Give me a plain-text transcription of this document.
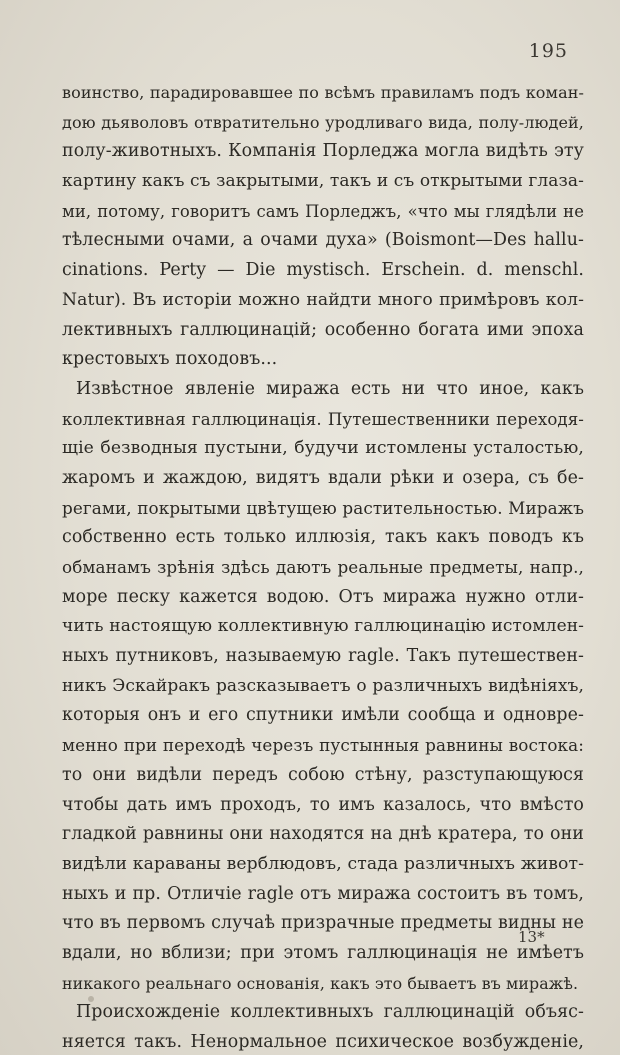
195
воинство, парадировавшее по всѣмъ правиламъ подъ коман-
дою дьяволовъ отвратительно уродливаго вида, полу-людей,
полу-животныхъ. Компанія Порледжа могла видѣть эту
картину какъ съ закрытыми, такъ и съ открытыми глаза-
ми, потому, говоритъ самъ Порледжъ, «что мы глядѣли не
тѣлесными очами, а очами духа» (Boismont—Des hallu-
cinations. Perty — Die mystisch. Erschein. d. menschl.
Natur). Въ исторіи можно найдти много примѣровъ кол-
лективныхъ галлюцинацій; особенно богата ими эпоха
крестовыхъ походовъ...
Извѣстное явленіе миража есть ни что иное, какъ
коллективная галлюцинація. Путешественники переходя-
щіе безводныя пустыни, будучи истомлены усталостью,
жаромъ и жаждою, видятъ вдали рѣки и озера, съ бе-
регами, покрытыми цвѣтущею растительностью. Миражъ
собственно есть только иллюзія, такъ какъ поводъ къ
обманамъ зрѣнія здѣсь даютъ реальные предметы, напр.,
море песку кажется водою. Отъ миража нужно отли-
чить настоящую коллективную галлюцинацію истомлен-
ныхъ путниковъ, называемую ragle. Такъ путешествен-
никъ Эскайракъ разсказываетъ о различныхъ видѣніяхъ,
которыя онъ и его спутники имѣли сообща и одновре-
менно при переходѣ черезъ пустынныя равнины востока:
то они видѣли передъ собою стѣну, разступающуюся
чтобы дать имъ проходъ, то имъ казалось, что вмѣсто
гладкой равнины они находятся на днѣ кратера, то они
видѣли караваны верблюдовъ, стада различныхъ живот-
ныхъ и пр. Отличіе ragle отъ миража состоитъ въ томъ,
что въ первомъ случаѣ призрачные предметы видны не
вдали, но вблизи; при этомъ галлюцинація не имѣетъ
никакого реальнаго основанія, какъ это бываетъ въ миражѣ.
Происхожденіе коллективныхъ галлюцинацій объяс-
няется такъ. Ненормальное психическое возбужденіе,
13*
